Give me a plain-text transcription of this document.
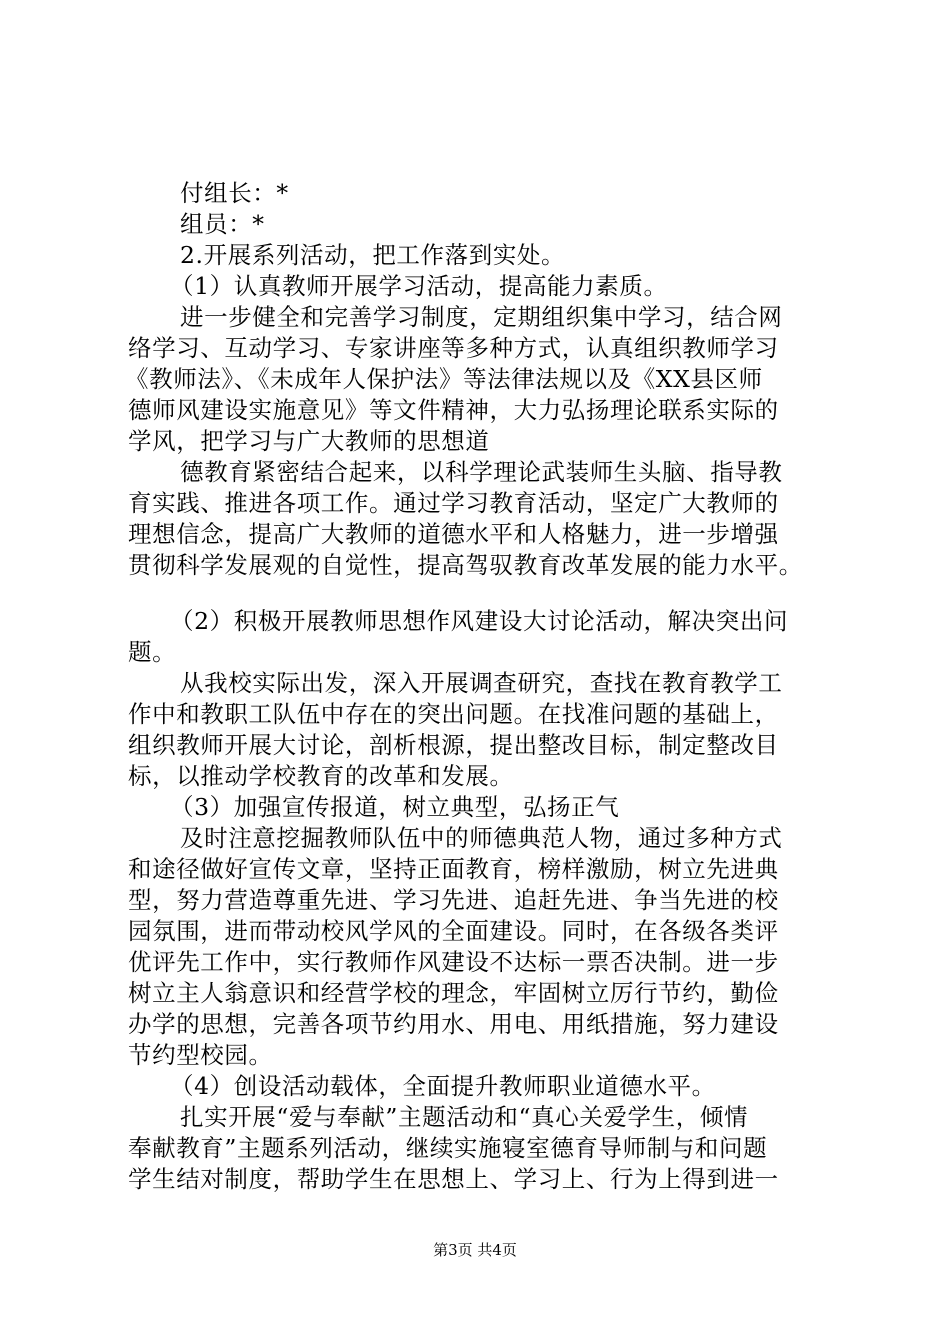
付组长：*
组员：*
2.开展系列活动，把工作落到实处。
（1）认真教师开展学习活动，提高能力素质。
进一步健全和完善学习制度，定期组织集中学习，结合网
络学习、互动学习、专家讲座等多种方式，认真组织教师学习
《教师法》、《未成年人保护法》等法律法规以及《XX县区师
德师风建设实施意见》等文件精神，大力弘扬理论联系实际的
学风，把学习与广大教师的思想道
德教育紧密结合起来，以科学理论武装师生头脑、指导教
育实践、推进各项工作。通过学习教育活动，坚定广大教师的
理想信念，提高广大教师的道德水平和人格魅力，进一步增强
贯彻科学发展观的自觉性，提高驾驭教育改革发展的能力水平。
（2）积极开展教师思想作风建设大讨论活动，解决突出问
题。
从我校实际出发，深入开展调查研究，查找在教育教学工
作中和教职工队伍中存在的突出问题。在找准问题的基础上，
组织教师开展大讨论，剖析根源，提出整改目标，制定整改目
标，以推动学校教育的改革和发展。
（3）加强宣传报道，树立典型，弘扬正气
及时注意挖掘教师队伍中的师德典范人物，通过多种方式
和途径做好宣传文章，坚持正面教育，榜样激励，树立先进典
型，努力营造尊重先进、学习先进、追赶先进、争当先进的校
园氛围，进而带动校风学风的全面建设。同时，在各级各类评
优评先工作中，实行教师作风建设不达标一票否决制。进一步
树立主人翁意识和经营学校的理念，牢固树立厉行节约，勤俭
办学的思想，完善各项节约用水、用电、用纸措施，努力建设
节约型校园。
（4）创设活动载体，全面提升教师职业道德水平。
扎实开展“爱与奉献”主题活动和“真心关爱学生，倾情
奉献教育”主题系列活动，继续实施寝室德育导师制与和问题
学生结对制度，帮助学生在思想上、学习上、行为上得到进一
第3页 共4页
